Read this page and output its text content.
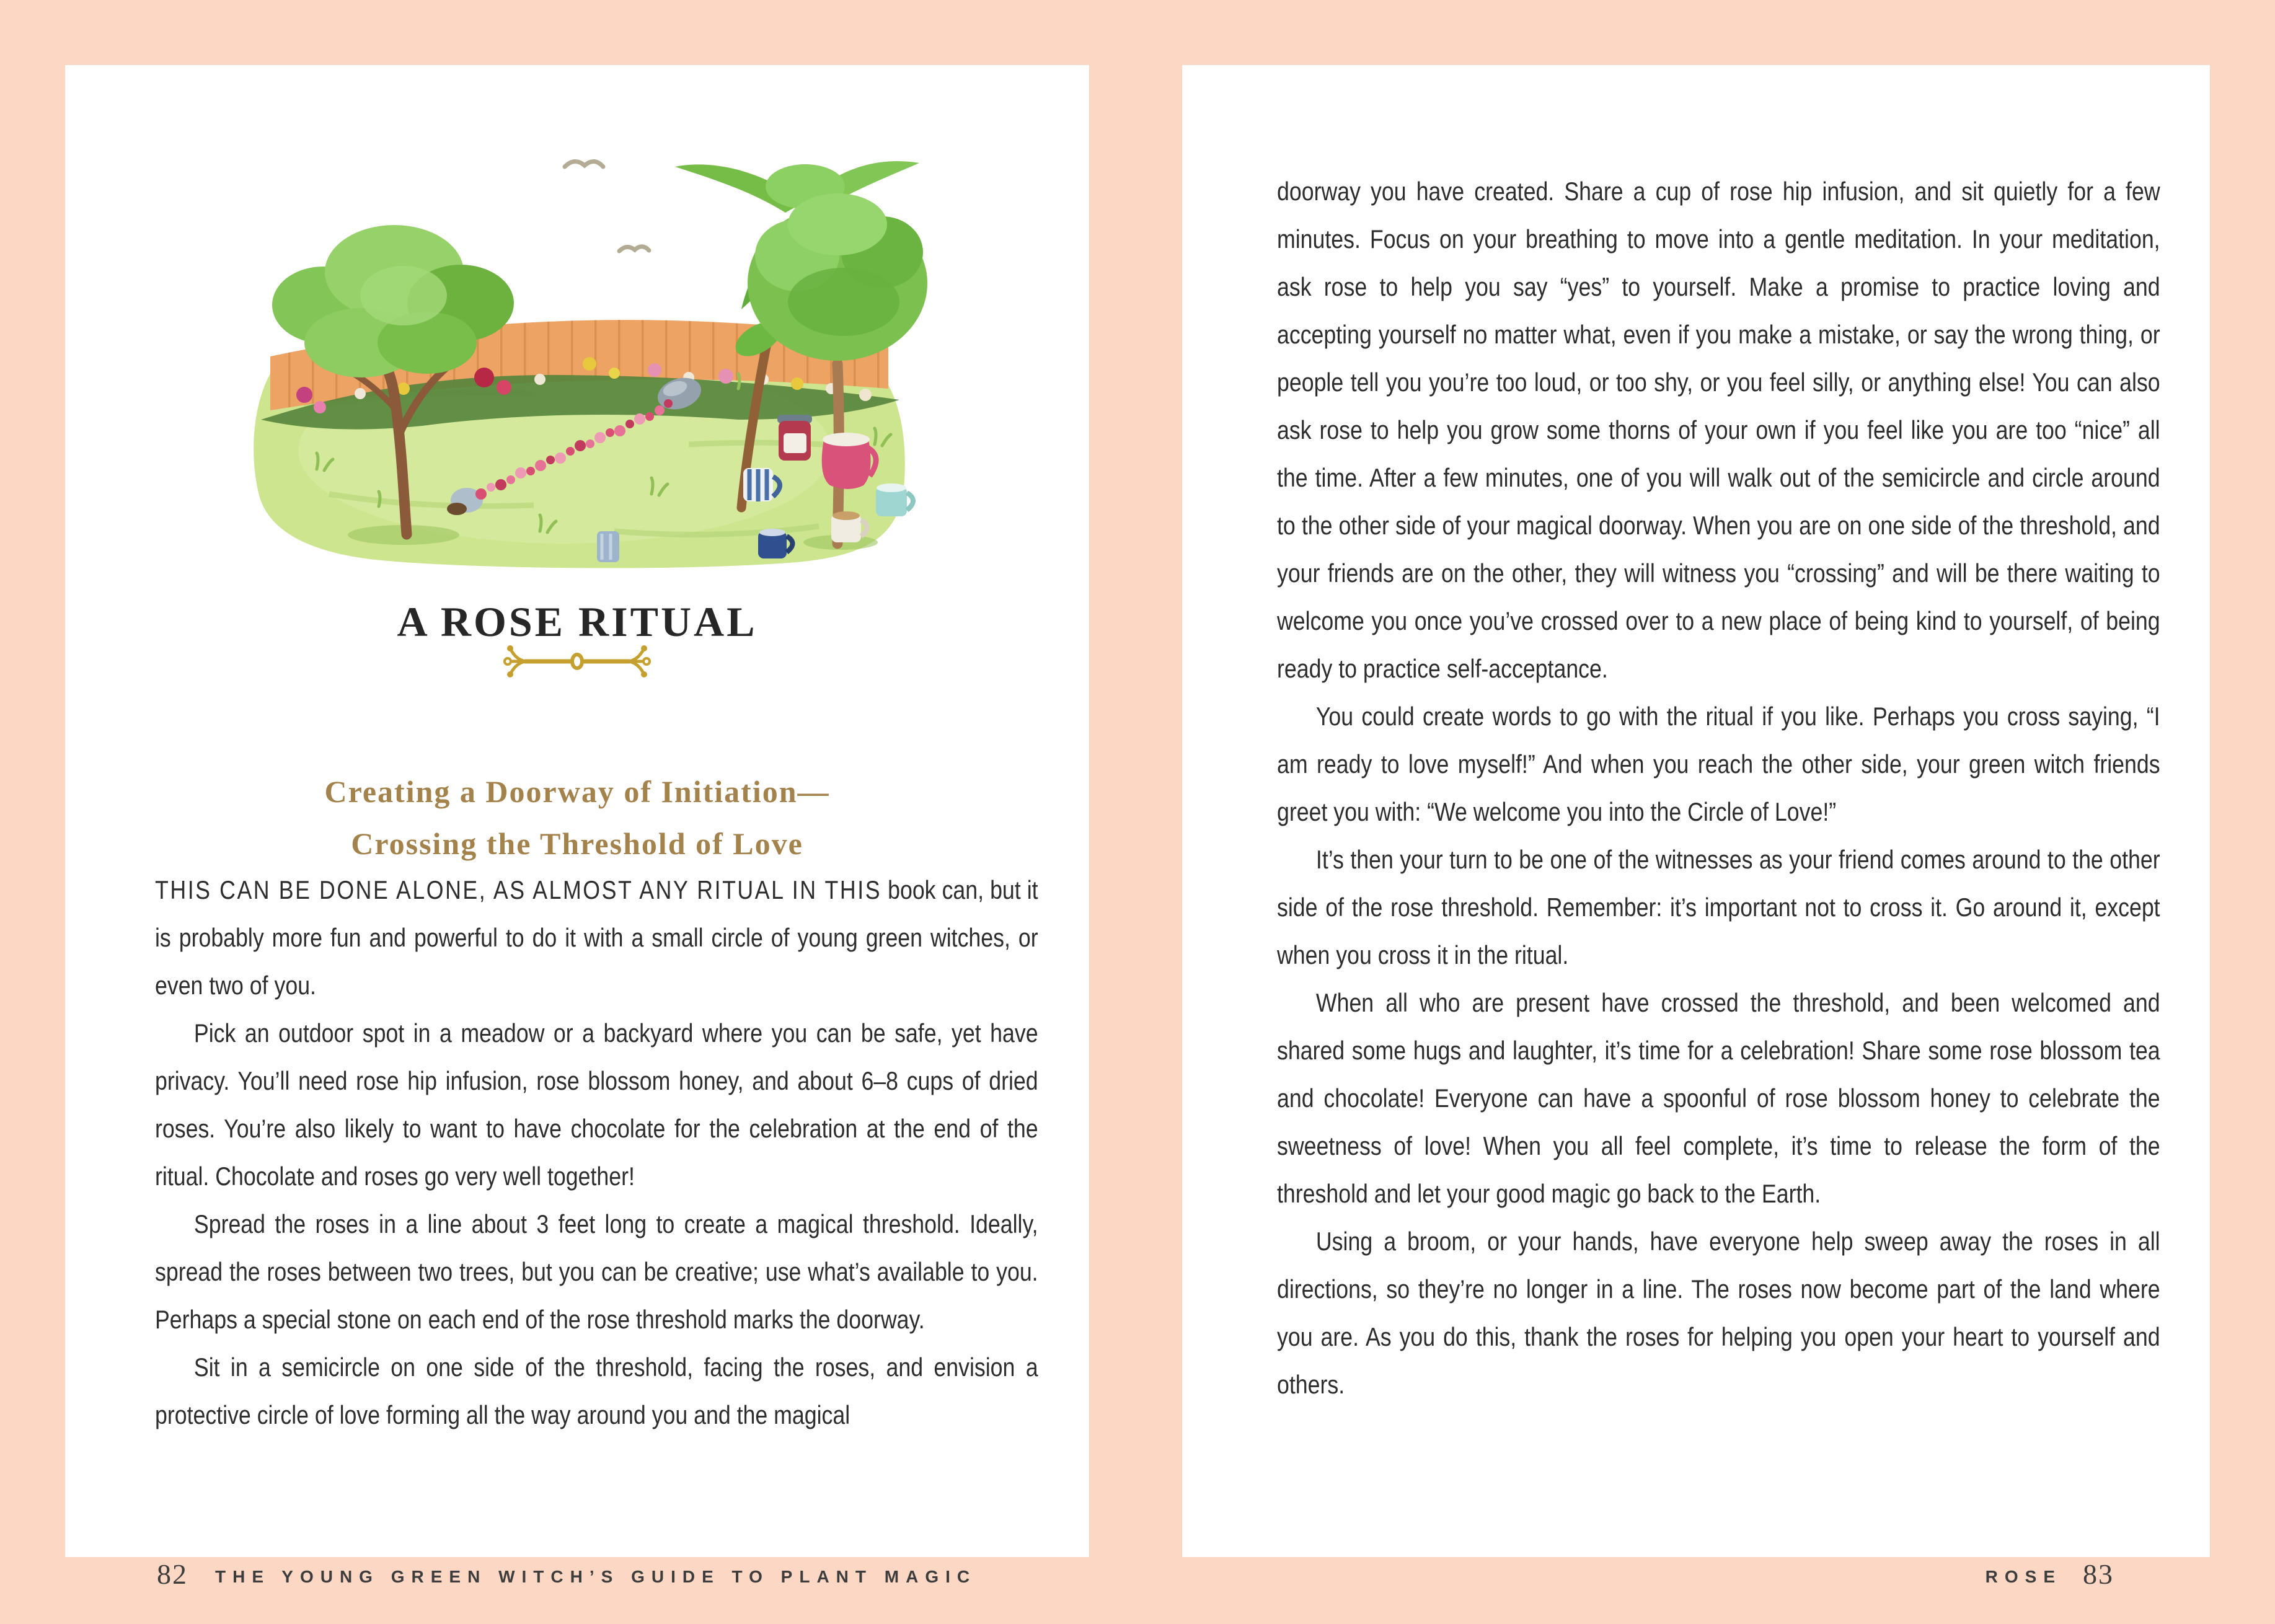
A ROSE RITUAL
Creating a Doorway of Initiation—
Crossing the Threshold of Love

THIS CAN BE DONE ALONE, AS ALMOST ANY RITUAL IN THIS book can, but it is probably more fun and powerful to do it with a small circle of young green witches, or even two of you.

Pick an outdoor spot in a meadow or a backyard where you can be safe, yet have privacy. You’ll need rose hip infusion, rose blossom honey, and about 6–8 cups of dried roses. You’re also likely to want to have chocolate for the celebration at the end of the ritual. Chocolate and roses go very well together!

Spread the roses in a line about 3 feet long to create a magical threshold. Ideally, spread the roses between two trees, but you can be creative; use what’s available to you. Perhaps a special stone on each end of the rose threshold marks the doorway.

Sit in a semicircle on one side of the threshold, facing the roses, and envision a protective circle of love forming all the way around you and the magical

82 THE YOUNG GREEN WITCH’S GUIDE TO PLANT MAGIC

doorway you have created. Share a cup of rose hip infusion, and sit quietly for a few minutes. Focus on your breathing to move into a gentle meditation. In your meditation, ask rose to help you say “yes” to yourself. Make a promise to practice loving and accepting yourself no matter what, even if you make a mistake, or say the wrong thing, or people tell you you’re too loud, or too shy, or you feel silly, or anything else! You can also ask rose to help you grow some thorns of your own if you feel like you are too “nice” all the time. After a few minutes, one of you will walk out of the semicircle and circle around to the other side of your magical doorway. When you are on one side of the threshold, and your friends are on the other, they will witness you “crossing” and will be there waiting to welcome you once you’ve crossed over to a new place of being kind to yourself, of being ready to practice self-acceptance.

You could create words to go with the ritual if you like. Perhaps you cross saying, “I am ready to love myself!” And when you reach the other side, your green witch friends greet you with: “We welcome you into the Circle of Love!”

It’s then your turn to be one of the witnesses as your friend comes around to the other side of the rose threshold. Remember: it’s important not to cross it. Go around it, except when you cross it in the ritual.

When all who are present have crossed the threshold, and been welcomed and shared some hugs and laughter, it’s time for a celebration! Share some rose blossom tea and chocolate! Everyone can have a spoonful of rose blossom honey to celebrate the sweetness of love! When you all feel complete, it’s time to release the form of the threshold and let your good magic go back to the Earth.

Using a broom, or your hands, have everyone help sweep away the roses in all directions, so they’re no longer in a line. The roses now become part of the land where you are. As you do this, thank the roses for helping you open your heart to yourself and others.

ROSE 83
